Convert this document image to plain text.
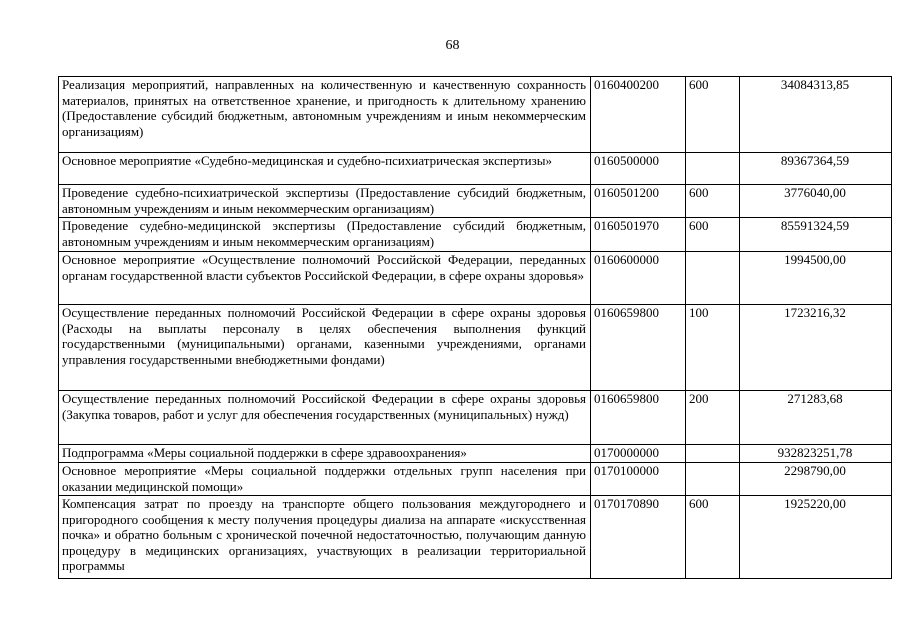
68
Реализация мероприятий, направленных на количественную и качественную сохранность материалов, принятых на ответственное хранение, и пригодность к длительному хранению (Предоставление субсидий бюджетным, автономным учреждениям и иным некоммерческим организациям)	0160400200	600	34084313,85
Основное мероприятие «Судебно-медицинская и судебно-психиатрическая экспертизы»	0160500000		89367364,59
Проведение судебно-психиатрической экспертизы (Предоставление субсидий бюджетным, автономным учреждениям и иным некоммерческим организациям)	0160501200	600	3776040,00
Проведение судебно-медицинской экспертизы (Предоставление субсидий бюджетным, автономным учреждениям и иным некоммерческим организациям)	0160501970	600	85591324,59
Основное мероприятие «Осуществление полномочий Российской Федерации, переданных органам государственной власти субъектов Российской Федерации, в сфере охраны здоровья»	0160600000		1994500,00
Осуществление переданных полномочий Российской Федерации в сфере охраны здоровья (Расходы на выплаты персоналу в целях обеспечения выполнения функций государственными (муниципальными) органами, казенными учреждениями, органами управления государственными внебюджетными фондами)	0160659800	100	1723216,32
Осуществление переданных полномочий Российской Федерации в сфере охраны здоровья (Закупка товаров, работ и услуг для обеспечения государственных (муниципальных) нужд)	0160659800	200	271283,68
Подпрограмма «Меры социальной поддержки в сфере здравоохранения»	0170000000		932823251,78
Основное мероприятие «Меры социальной поддержки отдельных групп населения при оказании медицинской помощи»	0170100000		2298790,00
Компенсация затрат по проезду на транспорте общего пользования междугороднего и пригородного сообщения к месту получения процедуры диализа на аппарате «искусственная почка» и обратно больным с хронической почечной недостаточностью, получающим данную процедуру в медицинских организациях, участвующих в реализации территориальной программы	0170170890	600	1925220,00
